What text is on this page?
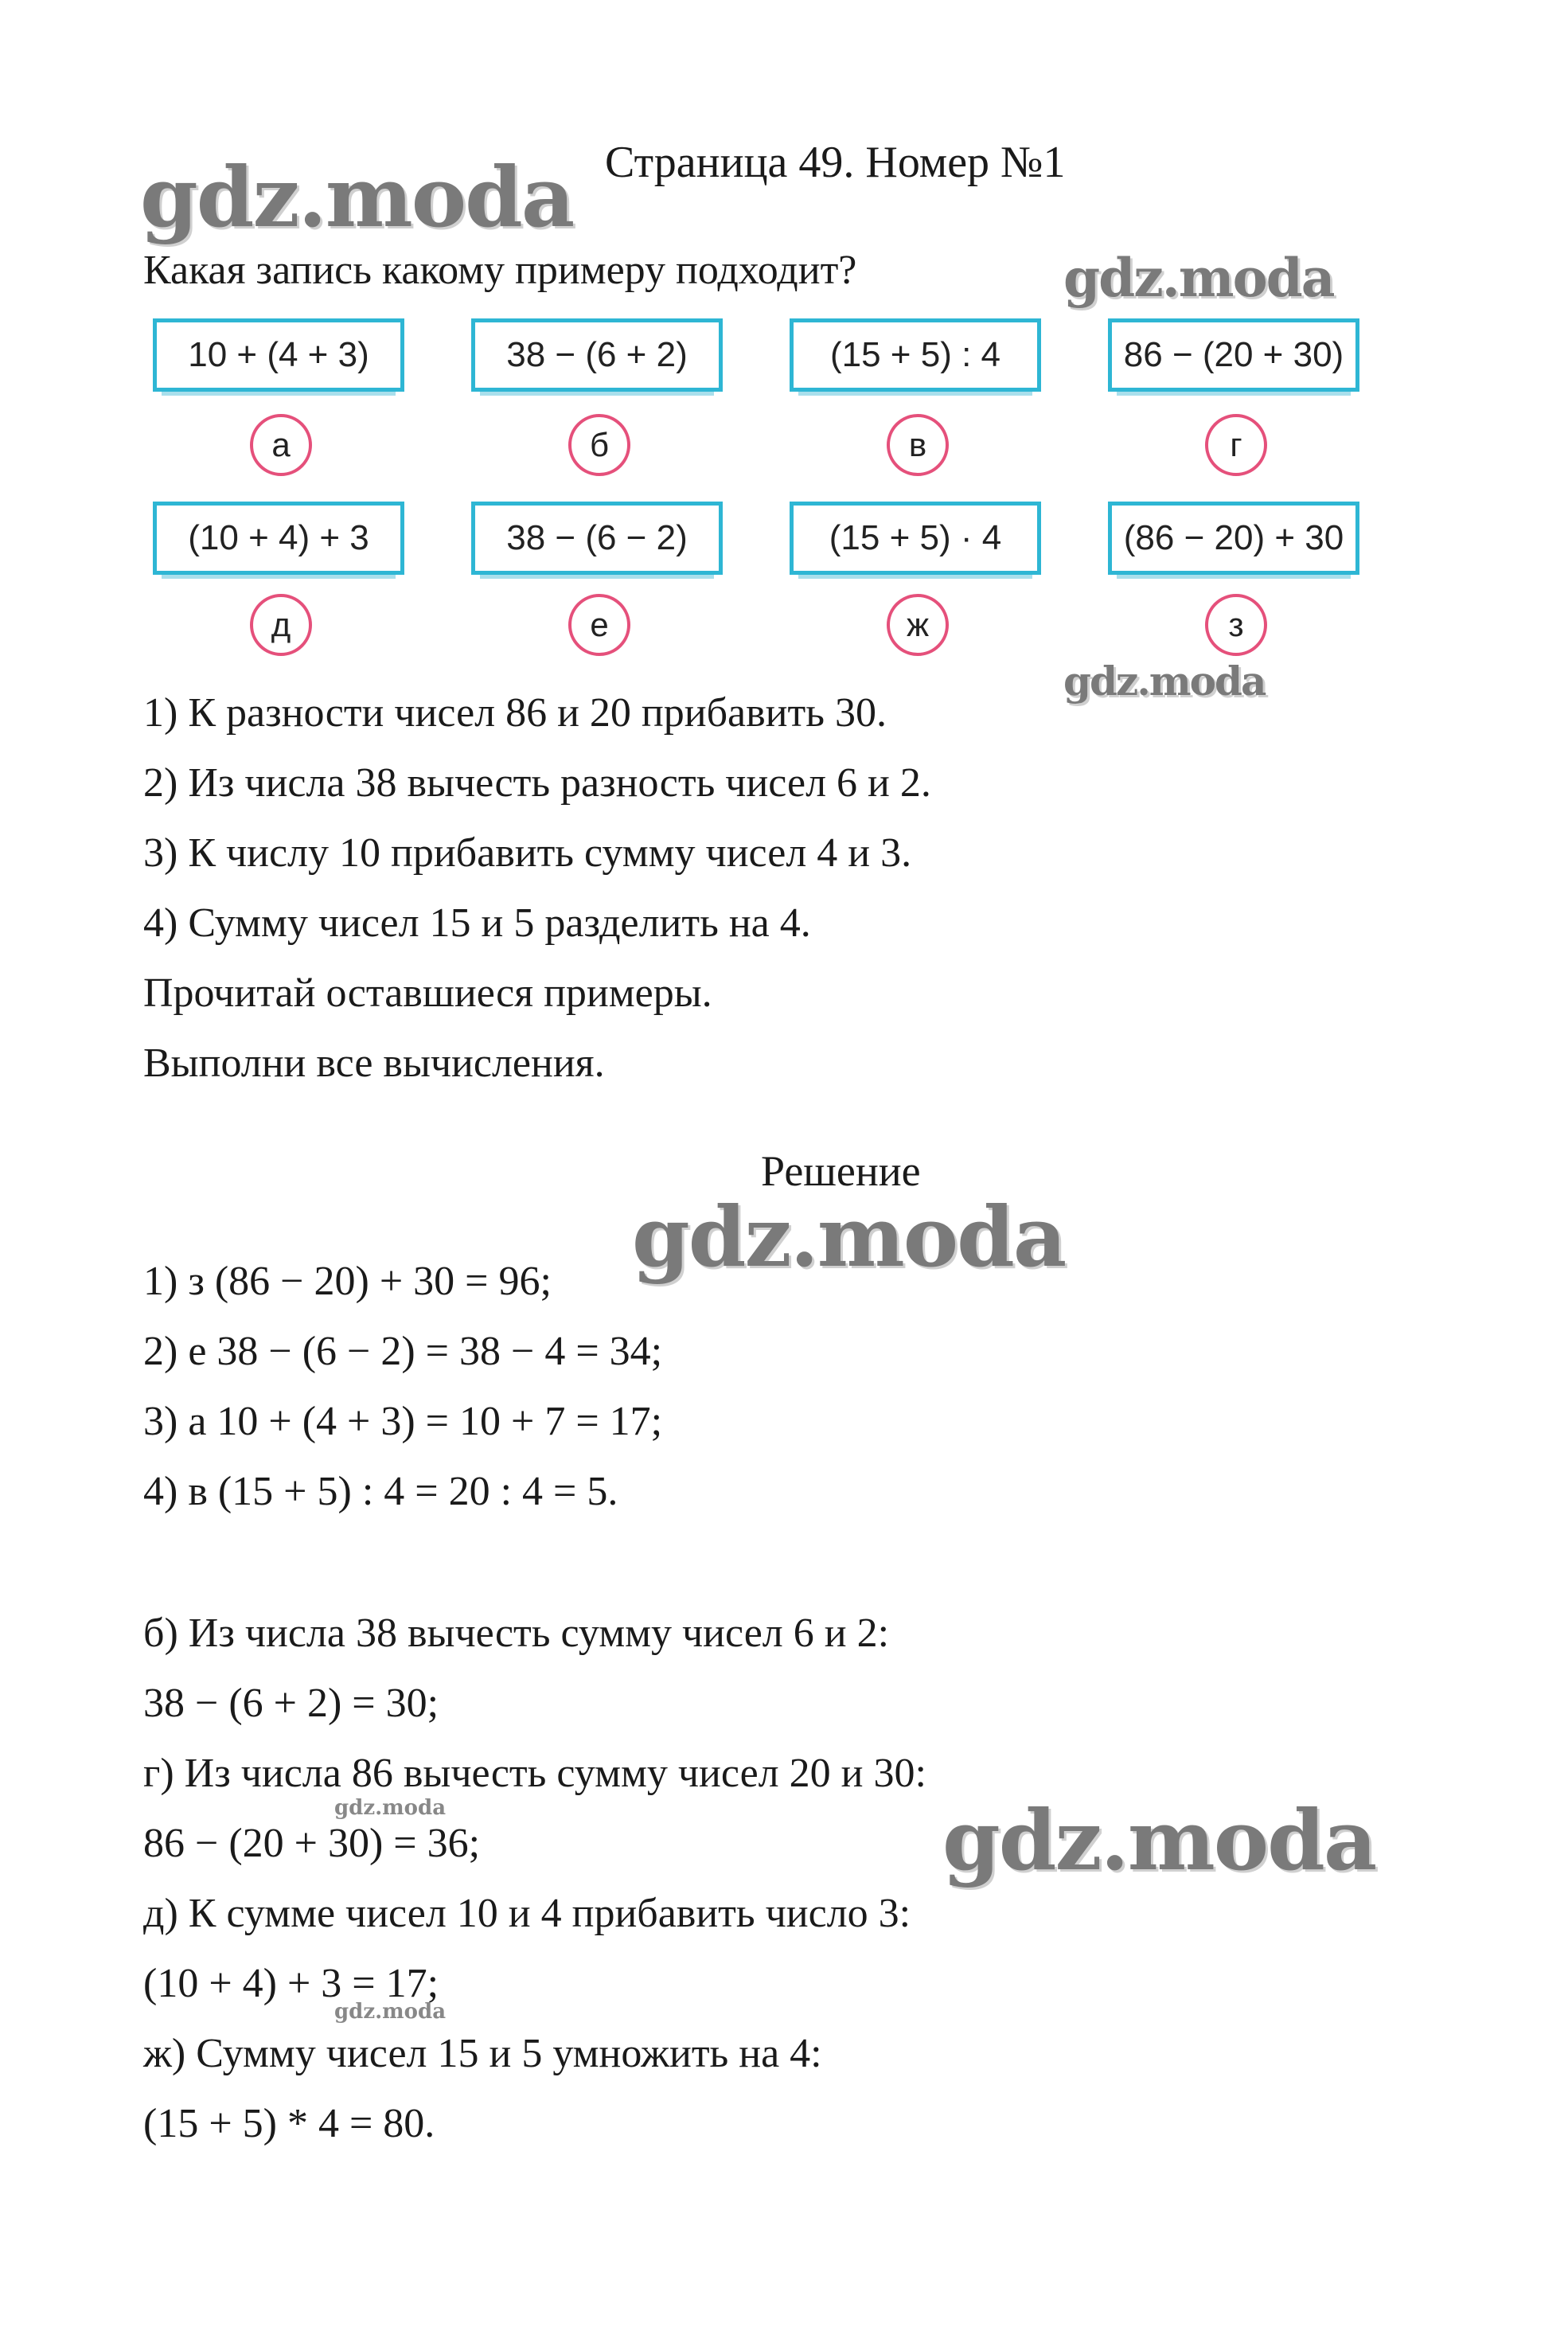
Страница 49. Номер №1
gdz.moda
Какая запись какому примеру подходит?	gdz.moda
10 + (4 + 3)	38 − (6 + 2)	(15 + 5) : 4	86 − (20 + 30)
а	б	в	г
(10 + 4) + 3	38 − (6 − 2)	(15 + 5) · 4	(86 − 20) + 30
д	е	ж	з
gdz.moda
1) К разности чисел 86 и 20 прибавить 30.
2) Из числа 38 вычесть разность чисел 6 и 2.
3) К числу 10 прибавить сумму чисел 4 и 3.
4) Сумму чисел 15 и 5 разделить на 4.
Прочитай оставшиеся примеры.
Выполни все вычисления.
Решение
gdz.moda
1) з (86 − 20) + 30 = 96;
2) е 38 − (6 − 2) = 38 − 4 = 34;
3) а 10 + (4 + 3) = 10 + 7 = 17;
4) в (15 + 5) : 4 = 20 : 4 = 5.
б) Из числа 38 вычесть сумму чисел 6 и 2:
38 − (6 + 2) = 30;
г) Из числа 86 вычесть сумму чисел 20 и 30:
gdz.moda
86 − (20 + 30) = 36;	gdz.moda
д) К сумме чисел 10 и 4 прибавить число 3:
(10 + 4) + 3 = 17;
gdz.moda
ж) Сумму чисел 15 и 5 умножить на 4:
(15 + 5) * 4 = 80.
